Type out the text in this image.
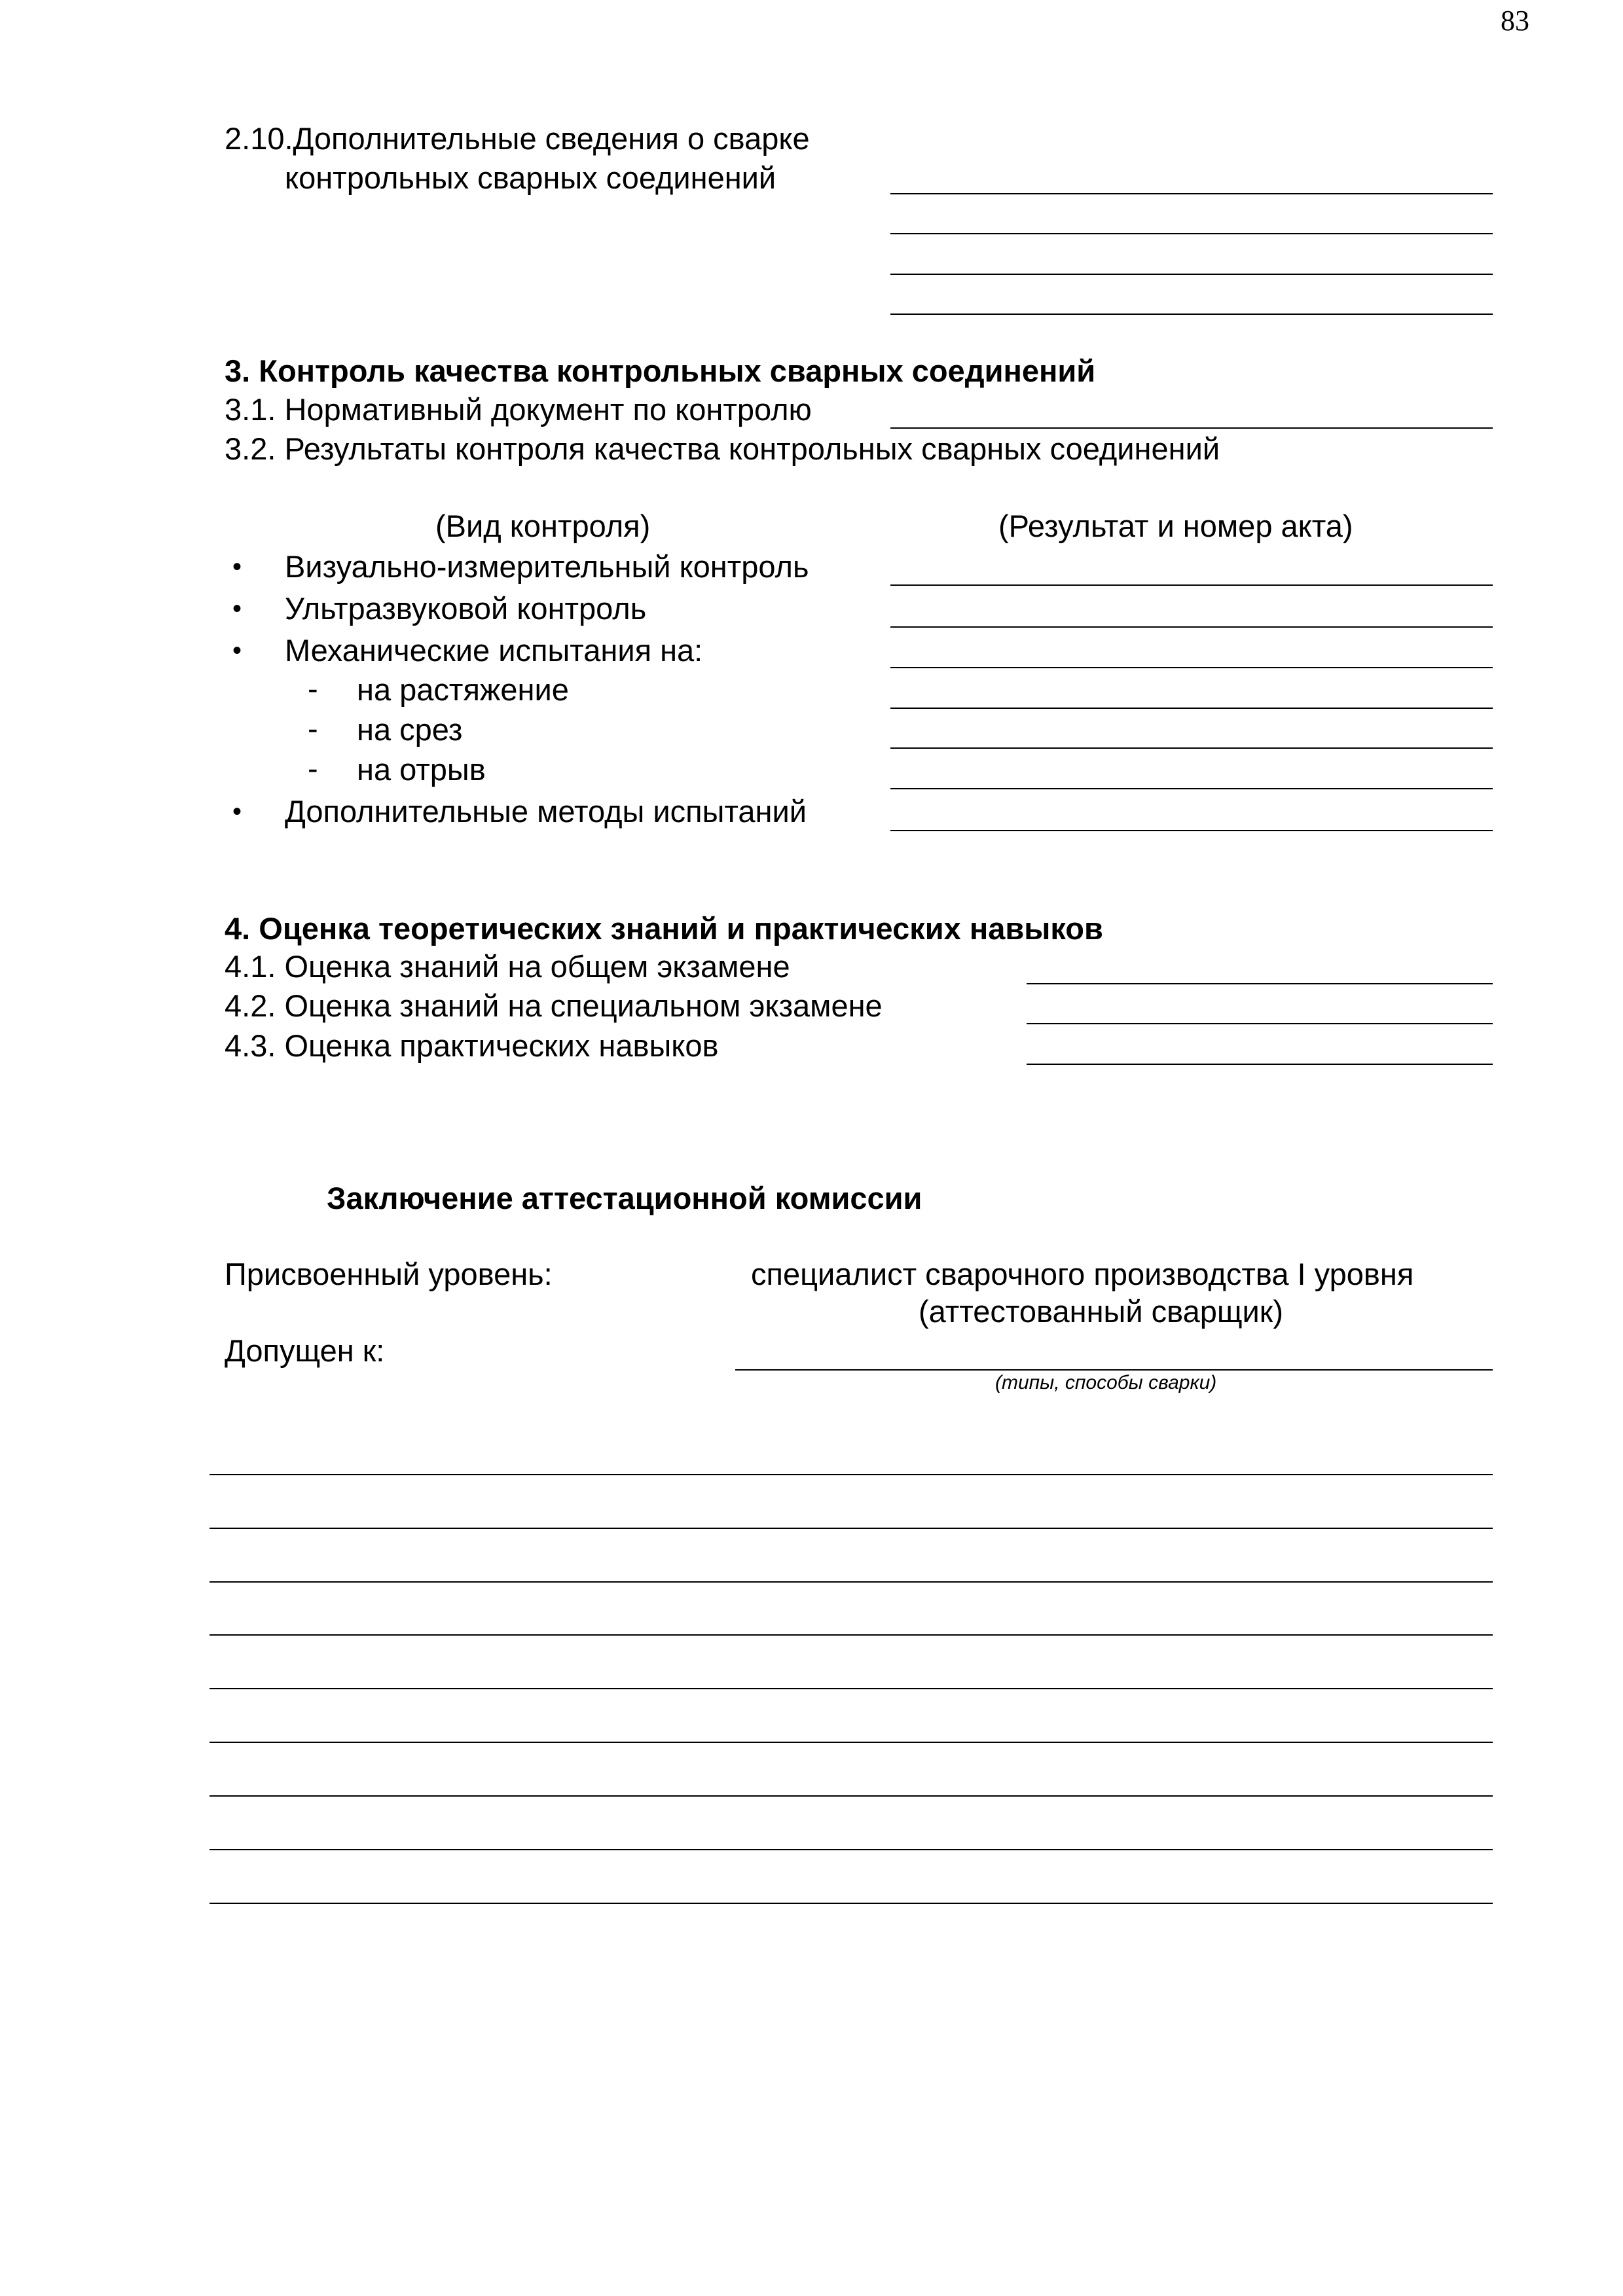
83
2.10.Дополнительные сведения о сварке
контрольных сварных соединений
3. Контроль качества контрольных сварных соединений
3.1. Нормативный документ по контролю
3.2. Результаты контроля качества контрольных сварных соединений
(Вид контроля)	(Результат и номер акта)
• Визуально-измерительный контроль
• Ультразвуковой контроль
• Механические испытания на:
- на растяжение
- на срез
- на отрыв
• Дополнительные методы испытаний
4. Оценка теоретических знаний и практических навыков
4.1. Оценка знаний на общем экзамене
4.2. Оценка знаний на специальном экзамене
4.3. Оценка практических навыков
Заключение аттестационной комиссии
Присвоенный уровень:	специалист сварочного производства I уровня
(аттестованный сварщик)
Допущен к:
(типы, способы сварки)
